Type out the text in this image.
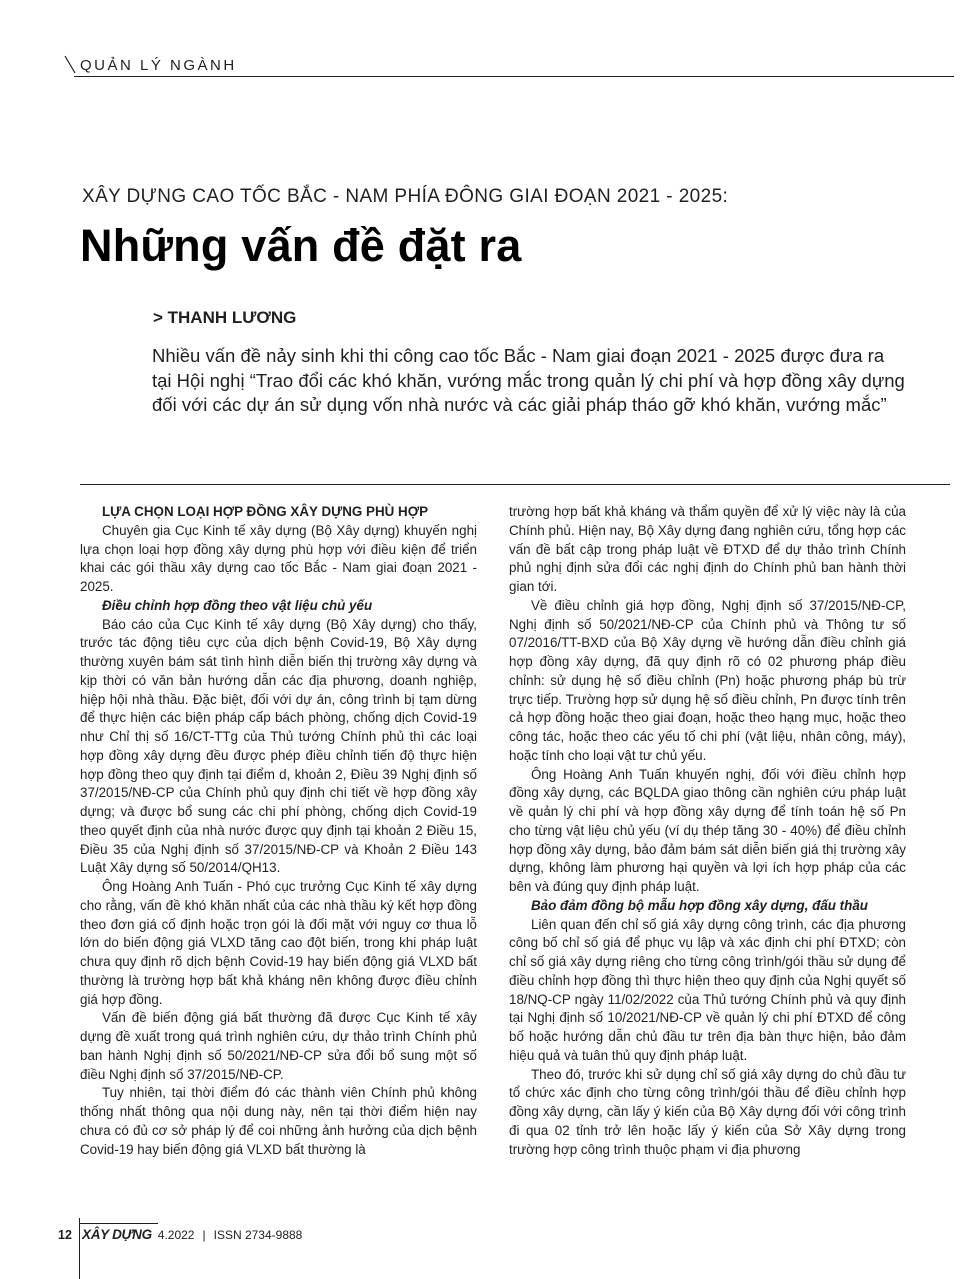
QUẢN LÝ NGÀNH
XÂY DỰNG CAO TỐC BẮC - NAM PHÍA ĐÔNG GIAI ĐOẠN 2021 - 2025:
Những vấn đề đặt ra
> THANH LƯƠNG
Nhiều vấn đề nảy sinh khi thi công cao tốc Bắc - Nam giai đoạn 2021 - 2025 được đưa ra tại Hội nghị “Trao đổi các khó khăn, vướng mắc trong quản lý chi phí và hợp đồng xây dựng đối với các dự án sử dụng vốn nhà nước và các giải pháp tháo gỡ khó khăn, vướng mắc”

LỰA CHỌN LOẠI HỢP ĐỒNG XÂY DỰNG PHÙ HỢP

Chuyên gia Cục Kinh tế xây dựng (Bộ Xây dựng) khuyến nghị lựa chọn loại hợp đồng xây dựng phù hợp với điều kiện để triển khai các gói thầu xây dựng cao tốc Bắc - Nam giai đoạn 2021 - 2025.

Điều chỉnh hợp đồng theo vật liệu chủ yếu

Báo cáo của Cục Kinh tế xây dựng (Bộ Xây dựng) cho thấy, trước tác động tiêu cực của dịch bệnh Covid-19, Bộ Xây dựng thường xuyên bám sát tình hình diễn biến thị trường xây dựng và kịp thời có văn bản hướng dẫn các địa phương, doanh nghiệp, hiệp hội nhà thầu. Đặc biệt, đối với dự án, công trình bị tạm dừng để thực hiện các biện pháp cấp bách phòng, chống dịch Covid-19 như Chỉ thị số 16/CT-TTg của Thủ tướng Chính phủ thì các loại hợp đồng xây dựng đều được phép điều chỉnh tiến độ thực hiện hợp đồng theo quy định tại điểm d, khoản 2, Điều 39 Nghị định số 37/2015/NĐ-CP của Chính phủ quy định chi tiết về hợp đồng xây dựng; và được bổ sung các chi phí phòng, chống dịch Covid-19 theo quyết định của nhà nước được quy định tại khoản 2 Điều 15, Điều 35 của Nghị định số 37/2015/NĐ-CP và Khoản 2 Điều 143 Luật Xây dựng số 50/2014/QH13.

Ông Hoàng Anh Tuấn - Phó cục trưởng Cục Kinh tế xây dựng cho rằng, vấn đề khó khăn nhất của các nhà thầu ký kết hợp đồng theo đơn giá cố định hoặc trọn gói là đối mặt với nguy cơ thua lỗ lớn do biến động giá VLXD tăng cao đột biến, trong khi pháp luật chưa quy định rõ dịch bệnh Covid-19 hay biến động giá VLXD bất thường là trường hợp bất khả kháng nên không được điều chỉnh giá hợp đồng.

Vấn đề biến động giá bất thường đã được Cục Kinh tế xây dựng đề xuất trong quá trình nghiên cứu, dự thảo trình Chính phủ ban hành Nghị định số 50/2021/NĐ-CP sửa đổi bổ sung một số điều Nghị định số 37/2015/NĐ-CP.

Tuy nhiên, tại thời điểm đó các thành viên Chính phủ không thống nhất thông qua nội dung này, nên tại thời điểm hiện nay chưa có đủ cơ sở pháp lý để coi những ảnh hưởng của dịch bệnh Covid-19 hay biến động giá VLXD bất thường là

trường hợp bất khả kháng và thẩm quyền để xử lý việc này là của Chính phủ. Hiện nay, Bộ Xây dựng đang nghiên cứu, tổng hợp các vấn đề bất cập trong pháp luật về ĐTXD để dự thảo trình Chính phủ nghị định sửa đổi các nghị định do Chính phủ ban hành thời gian tới.

Về điều chỉnh giá hợp đồng, Nghị định số 37/2015/NĐ-CP, Nghị định số 50/2021/NĐ-CP của Chính phủ và Thông tư số 07/2016/TT-BXD của Bộ Xây dựng về hướng dẫn điều chỉnh giá hợp đồng xây dựng, đã quy định rõ có 02 phương pháp điều chỉnh: sử dụng hệ số điều chỉnh (Pn) hoặc phương pháp bù trừ trực tiếp. Trường hợp sử dụng hệ số điều chỉnh, Pn được tính trên cả hợp đồng hoặc theo giai đoạn, hoặc theo hạng mục, hoặc theo công tác, hoặc theo các yếu tố chi phí (vật liệu, nhân công, máy), hoặc tính cho loại vật tư chủ yếu.

Ông Hoàng Anh Tuấn khuyến nghị, đối với điều chỉnh hợp đồng xây dựng, các BQLDA giao thông cần nghiên cứu pháp luật về quản lý chi phí và hợp đồng xây dựng để tính toán hệ số Pn cho từng vật liệu chủ yếu (ví dụ thép tăng 30 - 40%) để điều chỉnh hợp đồng xây dựng, bảo đảm bám sát diễn biến giá thị trường xây dựng, không làm phương hại quyền và lợi ích hợp pháp của các bên và đúng quy định pháp luật.

Bảo đảm đồng bộ mẫu hợp đồng xây dựng, đấu thầu

Liên quan đến chỉ số giá xây dựng công trình, các địa phương công bố chỉ số giá để phục vụ lập và xác định chi phí ĐTXD; còn chỉ số giá xây dựng riêng cho từng công trình/gói thầu sử dụng để điều chỉnh hợp đồng thì thực hiện theo quy định của Nghị quyết số 18/NQ-CP ngày 11/02/2022 của Thủ tướng Chính phủ và quy định tại Nghị định số 10/2021/NĐ-CP về quản lý chi phí ĐTXD để công bố hoặc hướng dẫn chủ đầu tư trên địa bàn thực hiện, bảo đảm hiệu quả và tuân thủ quy định pháp luật.

Theo đó, trước khi sử dụng chỉ số giá xây dựng do chủ đầu tư tổ chức xác định cho từng công trình/gói thầu để điều chỉnh hợp đồng xây dựng, cần lấy ý kiến của Bộ Xây dựng đối với công trình đi qua 02 tỉnh trở lên hoặc lấy ý kiến của Sở Xây dựng trong trường hợp công trình thuộc phạm vi địa phương

12 XÂY DỰNG 4.2022 | ISSN 2734-9888
